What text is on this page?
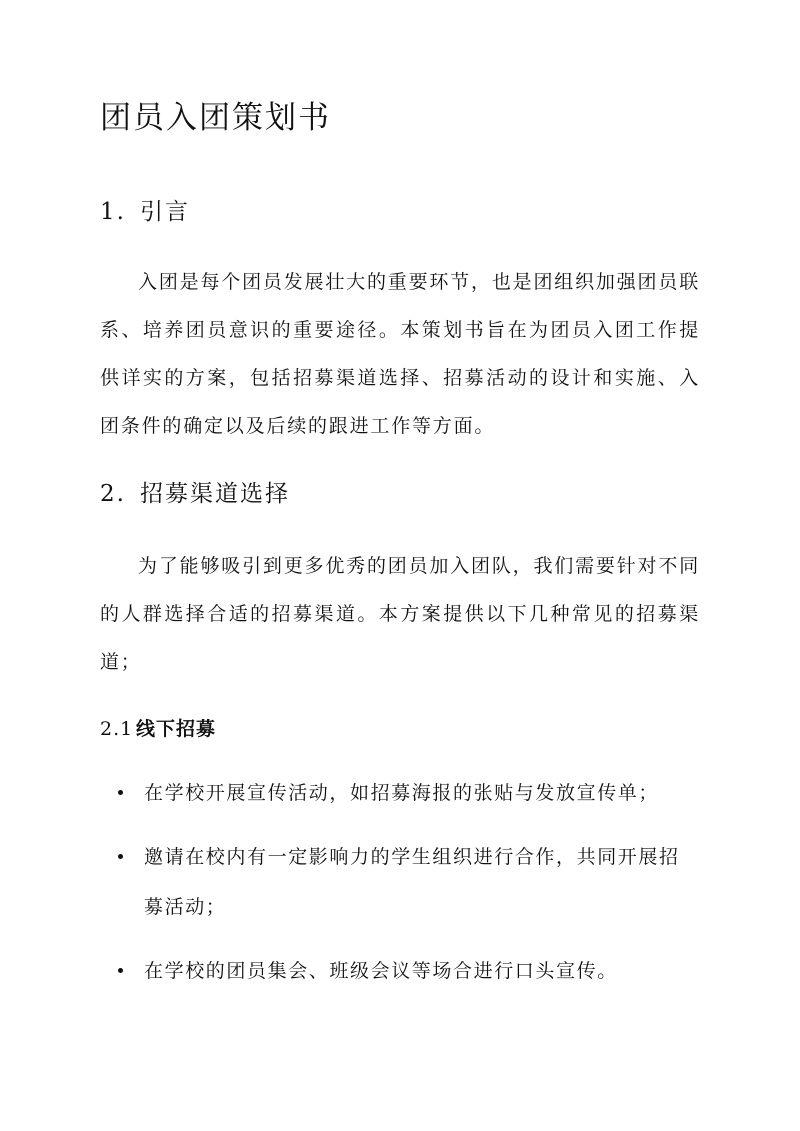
团员入团策划书
1. 引言

入团是每个团员发展壮大的重要环节，也是团组织加强团员联系、培养团员意识的重要途径。本策划书旨在为团员入团工作提供详实的方案，包括招募渠道选择、招募活动的设计和实施、入团条件的确定以及后续的跟进工作等方面。

2. 招募渠道选择

为了能够吸引到更多优秀的团员加入团队，我们需要针对不同的人群选择合适的招募渠道。本方案提供以下几种常见的招募渠道；

2.1 线下招募
在学校开展宣传活动，如招募海报的张贴与发放宣传单；
邀请在校内有一定影响力的学生组织进行合作，共同开展招募活动；
在学校的团员集会、班级会议等场合进行口头宣传。
